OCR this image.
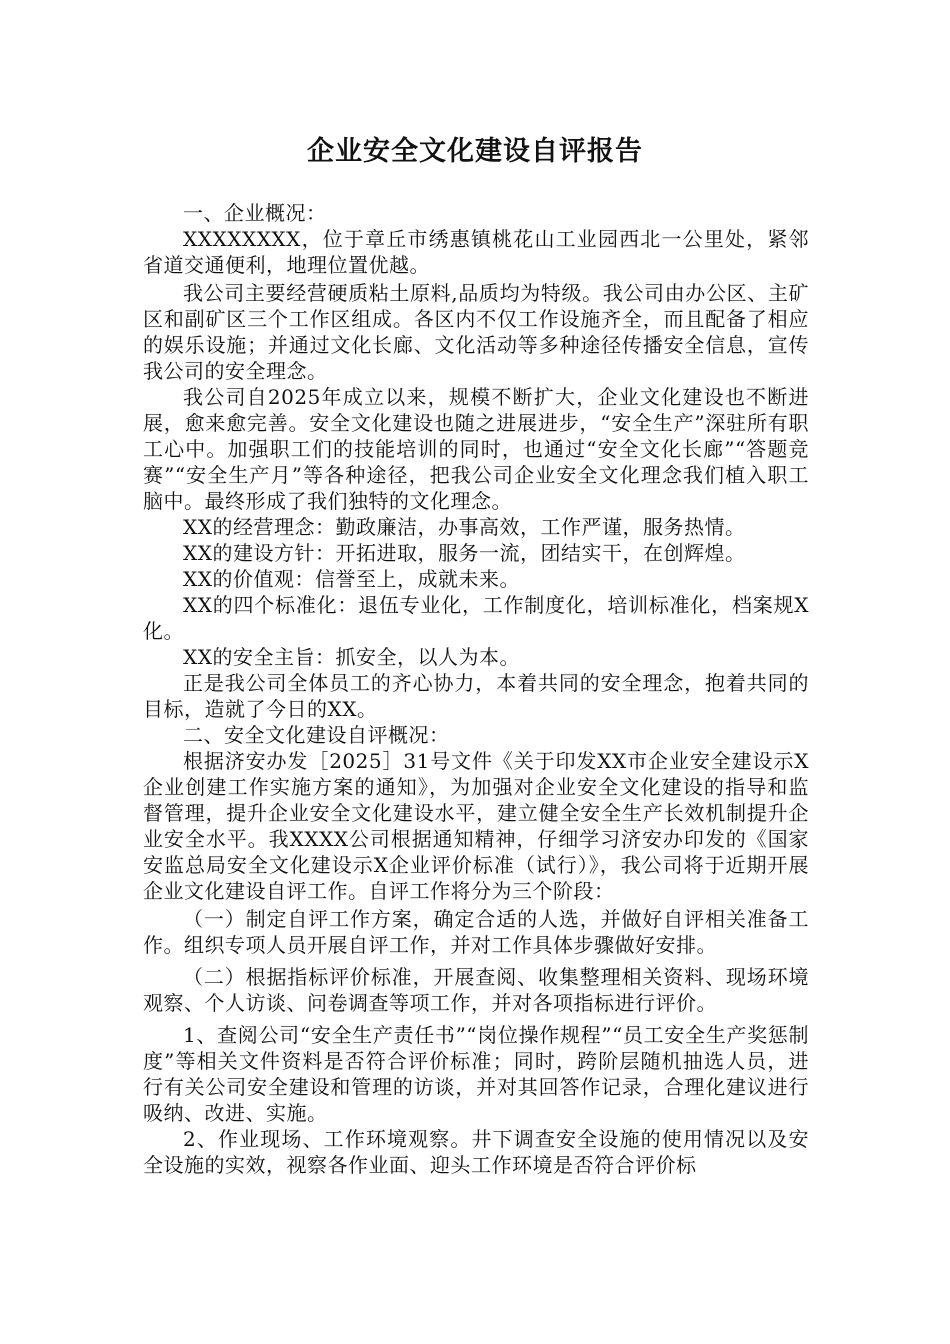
企业安全文化建设自评报告

一、企业概况：

XXXXXXXX，位于章丘市绣惠镇桃花山工业园西北一公里处，紧邻省道交通便利，地理位置优越。

我公司主要经营硬质粘土原料,品质均为特级。我公司由办公区、主矿区和副矿区三个工作区组成。各区内不仅工作设施齐全，而且配备了相应的娱乐设施；并通过文化长廊、文化活动等多种途径传播安全信息，宣传我公司的安全理念。

我公司自2025年成立以来，规模不断扩大，企业文化建设也不断进展，愈来愈完善。安全文化建设也随之进展进步，“安全生产”深驻所有职工心中。加强职工们的技能培训的同时，也通过“安全文化长廊”“答题竞赛”“安全生产月”等各种途径，把我公司企业安全文化理念我们植入职工脑中。最终形成了我们独特的文化理念。

XX的经营理念：勤政廉洁，办事高效，工作严谨，服务热情。

XX的建设方针：开拓进取，服务一流，团结实干，在创辉煌。

XX的价值观：信誉至上，成就未来。

XX的四个标准化：退伍专业化，工作制度化，培训标准化，档案规X化。

XX的安全主旨：抓安全，以人为本。

正是我公司全体员工的齐心协力，本着共同的安全理念，抱着共同的目标，造就了今日的XX。

二、安全文化建设自评概况：

根据济安办发［2025］31号文件《关于印发XX市企业安全建设示X企业创建工作实施方案的通知》，为加强对企业安全文化建设的指导和监督管理，提升企业安全文化建设水平，建立健全安全生产长效机制提升企业安全水平。我XXXX公司根据通知精神，仔细学习济安办印发的《国家安监总局安全文化建设示X企业评价标准（试行）》，我公司将于近期开展企业文化建设自评工作。自评工作将分为三个阶段：

（一）制定自评工作方案，确定合适的人选，并做好自评相关准备工作。组织专项人员开展自评工作，并对工作具体步骤做好安排。

（二）根据指标评价标准，开展查阅、收集整理相关资料、现场环境观察、个人访谈、问卷调查等项工作，并对各项指标进行评价。

1、查阅公司“安全生产责任书”“岗位操作规程”“员工安全生产奖惩制度”等相关文件资料是否符合评价标准；同时，跨阶层随机抽选人员，进行有关公司安全建设和管理的访谈，并对其回答作记录，合理化建议进行吸纳、改进、实施。

2、作业现场、工作环境观察。井下调查安全设施的使用情况以及安全设施的实效，视察各作业面、迎头工作环境是否符合评价标
